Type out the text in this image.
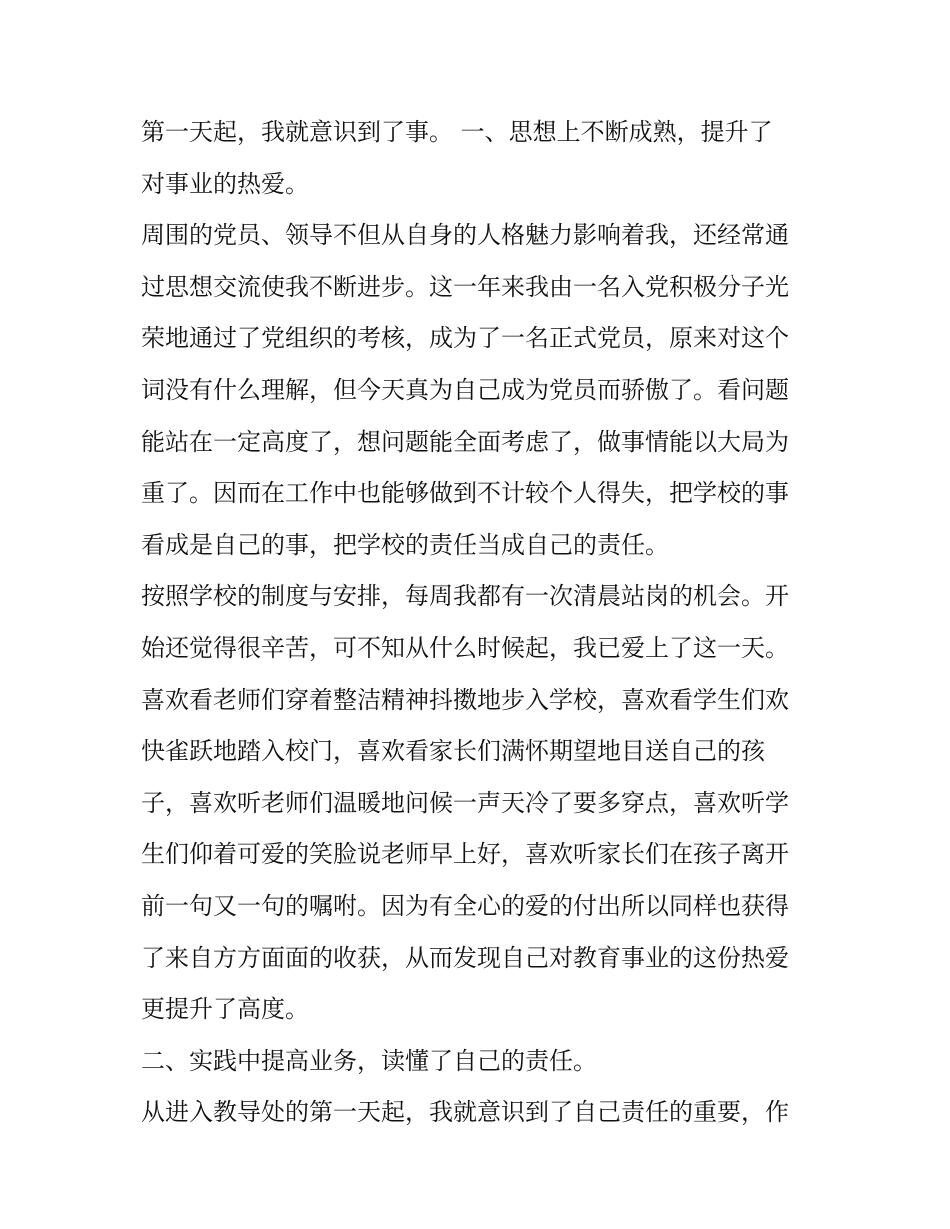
第一天起，我就意识到了事。 一、思想上不断成熟，提升了
对事业的热爱。
周围的党员、领导不但从自身的人格魅力影响着我，还经常通
过思想交流使我不断进步。这一年来我由一名入党积极分子光
荣地通过了党组织的考核，成为了一名正式党员，原来对这个
词没有什么理解，但今天真为自己成为党员而骄傲了。看问题
能站在一定高度了，想问题能全面考虑了，做事情能以大局为
重了。因而在工作中也能够做到不计较个人得失，把学校的事
看成是自己的事，把学校的责任当成自己的责任。
按照学校的制度与安排，每周我都有一次清晨站岗的机会。开
始还觉得很辛苦，可不知从什么时候起，我已爱上了这一天。
喜欢看老师们穿着整洁精神抖擞地步入学校，喜欢看学生们欢
快雀跃地踏入校门，喜欢看家长们满怀期望地目送自己的孩
子，喜欢听老师们温暖地问候一声天冷了要多穿点，喜欢听学
生们仰着可爱的笑脸说老师早上好，喜欢听家长们在孩子离开
前一句又一句的嘱咐。因为有全心的爱的付出所以同样也获得
了来自方方面面的收获，从而发现自己对教育事业的这份热爱
更提升了高度。
二、实践中提高业务，读懂了自己的责任。
从进入教导处的第一天起，我就意识到了自己责任的重要，作
